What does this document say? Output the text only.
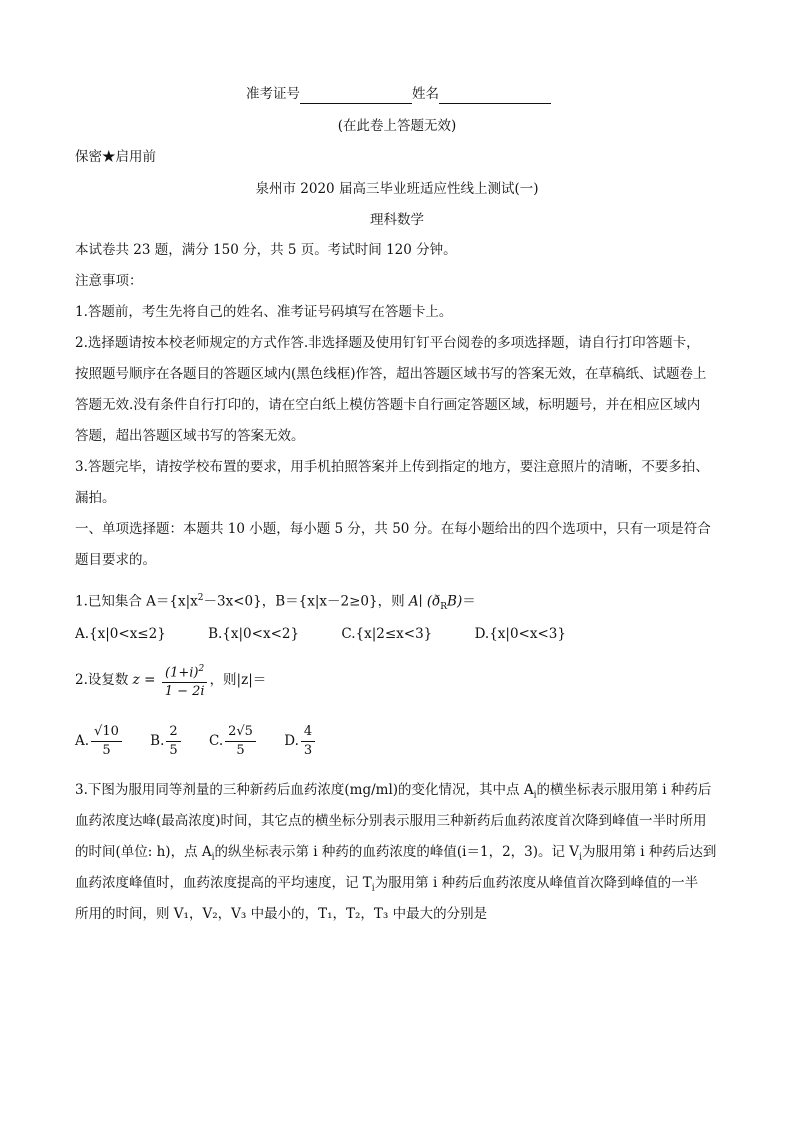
准考证号	姓名
(在此卷上答题无效)
保密★启用前
泉州市 2020 届高三毕业班适应性线上测试(一)
理科数学
本试卷共 23 题，满分 150 分，共 5 页。考试时间 120 分钟。
注意事项：
1.答题前，考生先将自己的姓名、准考证号码填写在答题卡上。
2.选择题请按本校老师规定的方式作答.非选择题及使用钉钉平台阅卷的多项选择题，请自行打印答题卡，
按照题号顺序在各题目的答题区域内(黑色线框)作答，超出答题区域书写的答案无效，在草稿纸、试题卷上
答题无效.没有条件自行打印的，请在空白纸上模仿答题卡自行画定答题区域，标明题号，并在相应区域内
答题，超出答题区域书写的答案无效。
3.答题完毕，请按学校布置的要求，用手机拍照答案并上传到指定的地方，要注意照片的清晰，不要多拍、
漏拍。
一、单项选择题：本题共 10 小题，每小题 5 分，共 50 分。在每小题给出的四个选项中，只有一项是符合
题目要求的。
1.已知集合 $A=\{x|x^2-3x<0\}$，B＝{x|x－2≥0}，则 A∣ $(ð_RB)=$
A.{x|0<x≤2}	B.{x|0<x<2}	C.{x|2≤x<3}	D.{x|0<x<3}
2.设复数 $z = \frac{(1+i)^2}{1 - 2i}$ ，则|z|＝
A. $\frac{√10}{5} B$. $\frac{2}{5} C$. $\frac{2√5}{5} D$. $\frac{4}{3}$
3.下图为服用同等剂量的三种新药后血药浓度(mg/ml)的变化情况，其中点 $A_i$的横坐标表示服用第 i 种药后
血药浓度达峰(最高浓度)时间，其它点的横坐标分别表示服用三种新药后血药浓度首次降到峰值一半时所用
的时间(单位: h)，点 $A_i$的纵坐标表示第 i 种药的血药浓度的峰值(i＝1，2，3)。记 $V_i$为服用第 i 种药后达到
血药浓度峰值时，血药浓度提高的平均速度，记 $T_i$为服用第 i 种药后血药浓度从峰值首次降到峰值的一半
所用的时间，则 V₁，V₂，V₃ 中最小的，T₁，T₂，T₃ 中最大的分别是
